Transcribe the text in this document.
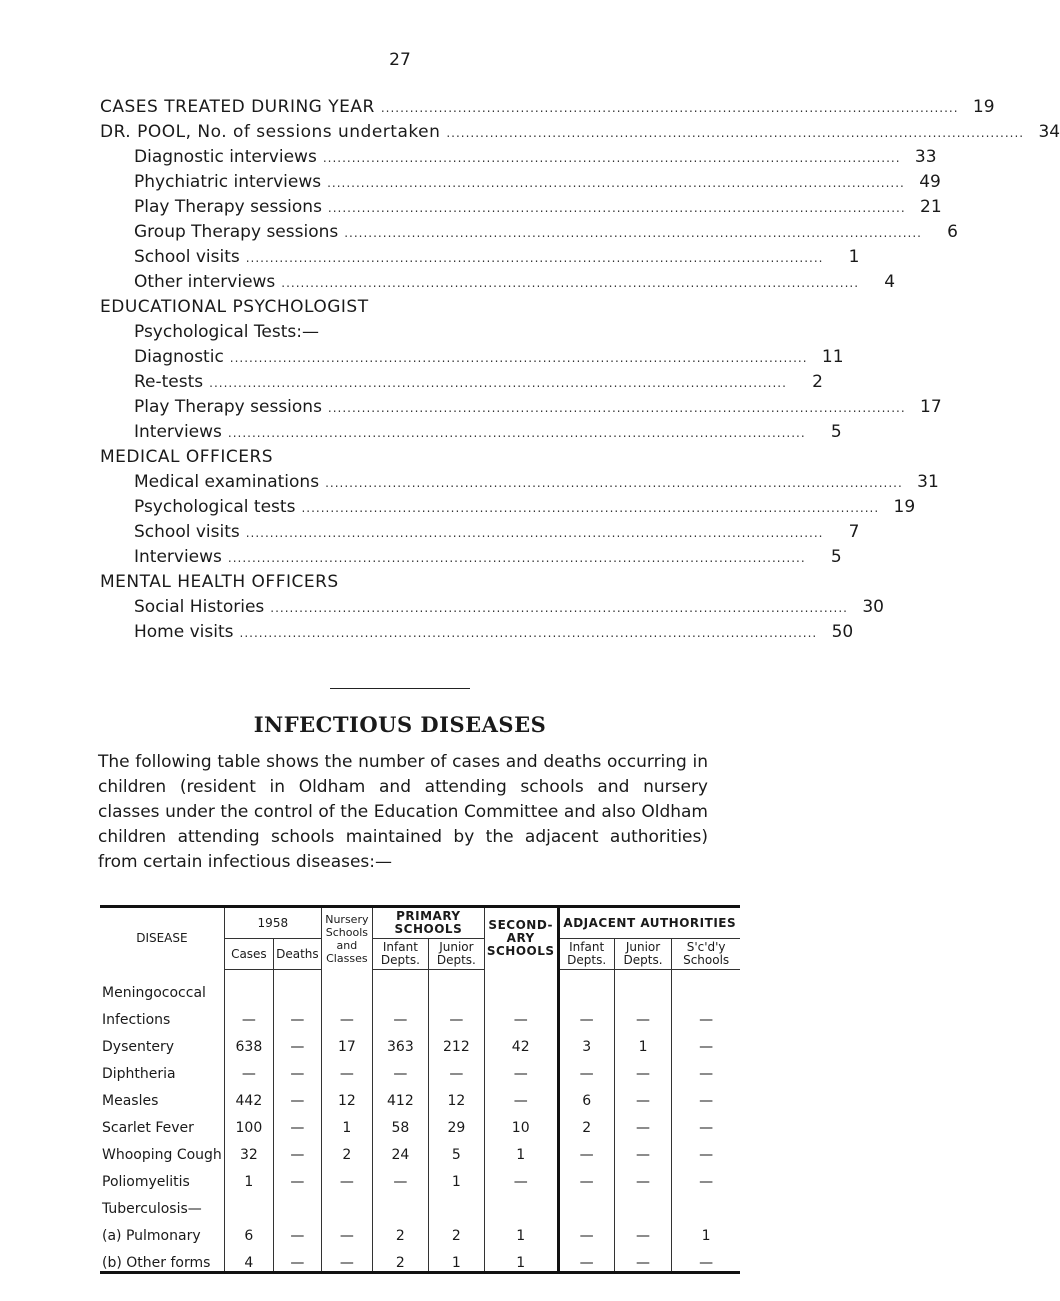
27
CASES TREATED DURING YEAR ........................................................................................................................ 19
DR. POOL, No. of sessions undertaken ........................................................................................................................ 34
Diagnostic interviews ........................................................................................................................ 33
Phychiatric interviews ........................................................................................................................ 49
Play Therapy sessions ........................................................................................................................ 21
Group Therapy sessions ........................................................................................................................	6
School visits ........................................................................................................................	1
Other interviews ........................................................................................................................	4
EDUCATIONAL PSYCHOLOGIST
Psychological Tests:—
Diagnostic ........................................................................................................................ 11
Re-tests ........................................................................................................................	2
Play Therapy sessions ........................................................................................................................ 17
Interviews ........................................................................................................................	5
MEDICAL OFFICERS
Medical examinations ........................................................................................................................ 31
Psychological tests ........................................................................................................................ 19
School visits ........................................................................................................................	7
Interviews ........................................................................................................................	5
MENTAL HEALTH OFFICERS
Social Histories ........................................................................................................................ 30
Home visits ........................................................................................................................ 50
INFECTIOUS DISEASES
The following table shows the number of cases and deaths occurring in children (resident in Oldham and attending schools and nursery classes under the control of the Education Committee and also Oldham children attending schools maintained by the adjacent authorities) from certain infectious diseases:—
DISEASE	1958		Nursery Schools and Classes	PRIMARY SCHOOLS		SECOND-ARY SCHOOLS	ADJACENT AUTHORITIES		
	Cases	Deaths		Infant Depts.	Junior Depts.		Infant Depts.	Junior Depts.	S'c'd'y Schools
Meningococcal									
Infections	—	—	—	—	—	—	—	—	—
Dysentery	638	—	17	363	212	42	3	1	—
Diphtheria	—	—	—	—	—	—	—	—	—
Measles	442	—	12	412	12	—	6	—	—
Scarlet Fever	100	—	1	58	29	10	2	—	—
Whooping Cough	32	—	2	24	5	1	—	—	—
Poliomyelitis	1	—	—	—	1	—	—	—	—
Tuberculosis—									
(a) Pulmonary	6	—	—	2	2	1	—	—	1
(b) Other forms	4	—	—	2	1	1	—	—	—
